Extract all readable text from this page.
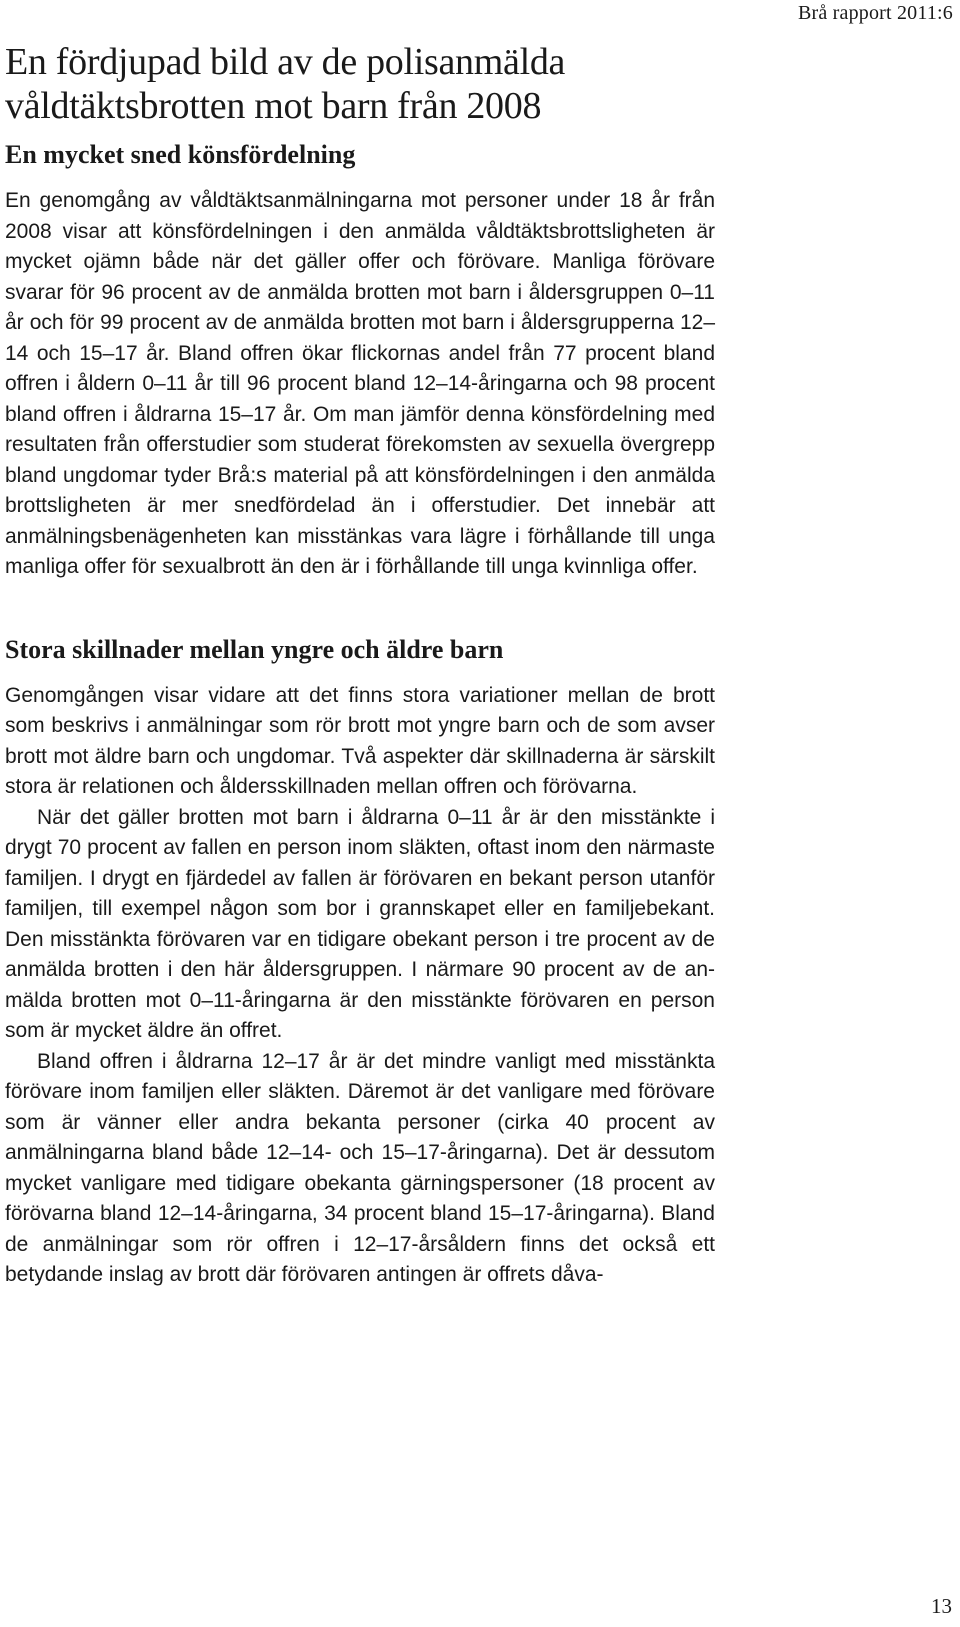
Brå rapport 2011:6
En fördjupad bild av de polisanmälda
våldtäktsbrotten mot barn från 2008
En mycket sned könsfördelning

En genomgång av våldtäktsanmälningarna mot personer under 18 år från 2008 visar att könsfördelningen i den anmälda våldtäktsbrottsligheten är mycket ojämn både när det gäller offer och förövare. Manliga förövare svarar för 96 procent av de anmälda brotten mot barn i åldersgruppen 0–11 år och för 99 procent av de anmälda brotten mot barn i åldersgrupperna 12–14 och 15–17 år. Bland offren ökar flickornas andel från 77 procent bland offren i åldern 0–11 år till 96 procent bland 12–14-åringarna och 98 procent bland offren i åldrarna 15–17 år. Om man jämför denna könsfördelning med resultaten från offerstudier som studerat förekomsten av sexuella övergrepp bland ungdomar tyder Brå:s material på att könsfördelningen i den anmälda brottsligheten är mer snedfördelad än i offerstudier. Det innebär att anmälningsbenägenheten kan misstänkas vara lägre i förhållande till unga manliga offer för sexualbrott än den är i förhållande till unga kvinnliga offer.

Stora skillnader mellan yngre och äldre barn

Genomgången visar vidare att det finns stora variationer mellan de brott som beskrivs i anmälningar som rör brott mot yngre barn och de som avser brott mot äldre barn och ungdomar. Två aspekter där skillnaderna är särskilt stora är relationen och åldersskillnaden mellan offren och förövarna.

När det gäller brotten mot barn i åldrarna 0–11 år är den misstänkte i drygt 70 procent av fallen en person inom släkten, oftast inom den närmaste familjen. I drygt en fjärdedel av fallen är förövaren en bekant person utanför familjen, till exempel någon som bor i grannskapet eller en familjebekant. Den misstänkta förövaren var en tidigare obekant person i tre procent av de anmälda brotten i den här åldersgruppen. I närmare 90 procent av de anmälda brotten mot 0–11-åringarna är den misstänkte förövaren en person som är mycket äldre än offret.

Bland offren i åldrarna 12–17 år är det mindre vanligt med misstänkta förövare inom familjen eller släkten. Däremot är det vanligare med förövare som är vänner eller andra bekanta personer (cirka 40 procent av anmälningarna bland både 12–14- och 15–17-åringarna). Det är dessutom mycket vanligare med tidigare obekanta gärningspersoner (18 procent av förövarna bland 12–14-åringarna, 34 procent bland 15–17-åringarna). Bland de anmälningar som rör offren i 12–17-årsåldern finns det också ett betydande inslag av brott där förövaren antingen är offrets dåva-

13
